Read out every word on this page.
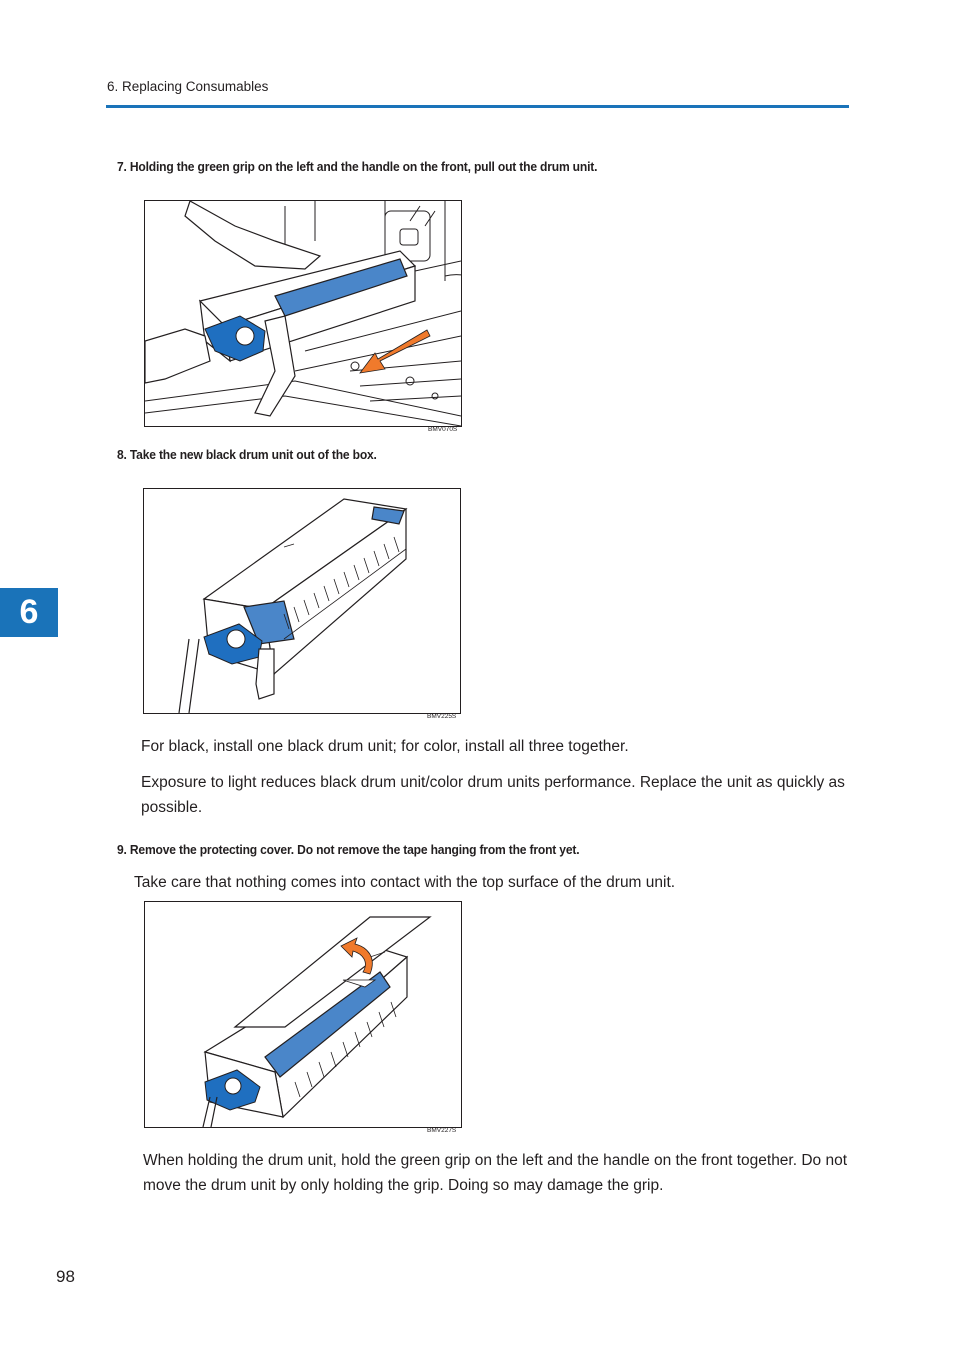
6. Replacing Consumables
6
7. Holding the green grip on the left and the handle on the front, pull out the drum unit.
BMV070S
8. Take the new black drum unit out of the box.
BMV225S
For black, install one black drum unit; for color, install all three together.
Exposure to light reduces black drum unit/color drum units performance. Replace the unit as quickly as possible.
9. Remove the protecting cover. Do not remove the tape hanging from the front yet.
Take care that nothing comes into contact with the top surface of the drum unit.
BMV227S
When holding the drum unit, hold the green grip on the left and the handle on the front together. Do not move the drum unit by only holding the grip. Doing so may damage the grip.
98
